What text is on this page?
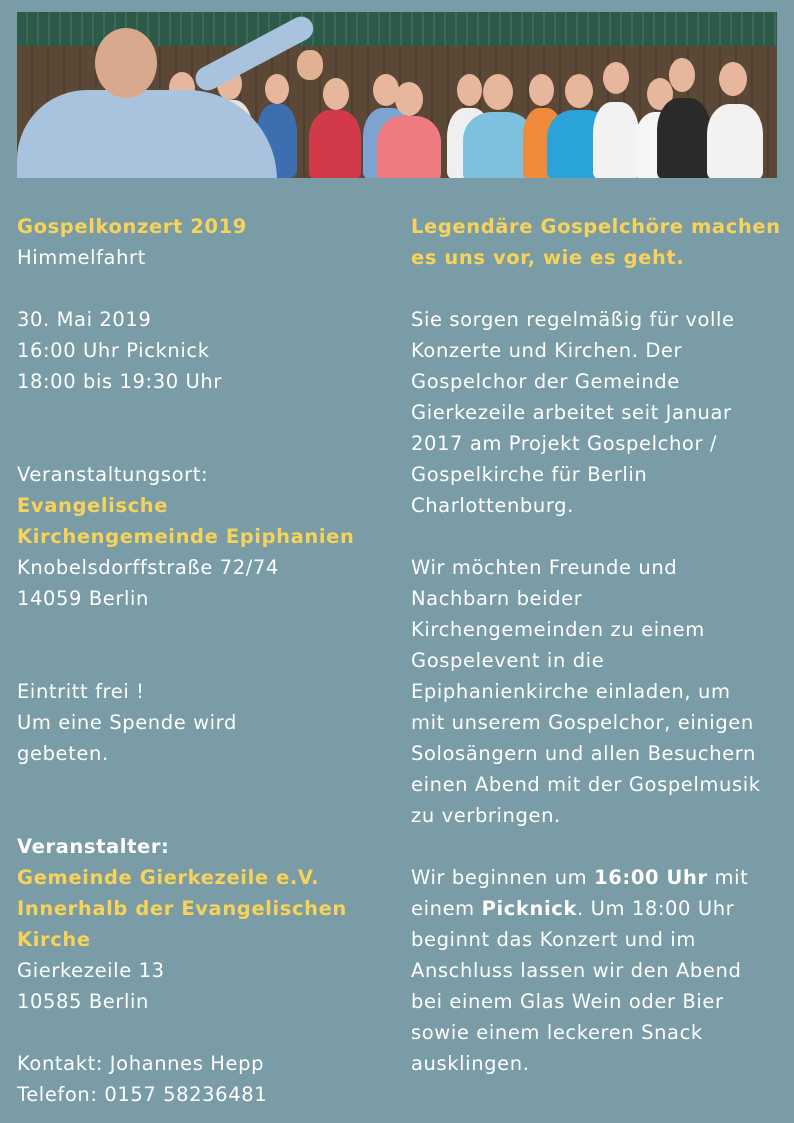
Gospelkonzert 2019
Himmelfahrt
30. Mai 2019
16:00 Uhr Picknick
18:00 bis 19:30 Uhr
Veranstaltungsort:
Evangelische
Kirchengemeinde Epiphanien
Knobelsdorffstraße 72/74
14059 Berlin
Eintritt frei !
Um eine Spende wird
gebeten.
Veranstalter:
Gemeinde Gierkezeile e.V.
Innerhalb der Evangelischen
Kirche
Gierkezeile 13
10585 Berlin
Kontakt: Johannes Hepp
Telefon: 0157 58236481
Legendäre Gospelchöre machen
es uns vor, wie es geht.
Sie sorgen regelmäßig für volle
Konzerte und Kirchen. Der
Gospelchor der Gemeinde
Gierkezeile arbeitet seit Januar
2017 am Projekt Gospelchor /
Gospelkirche für Berlin
Charlottenburg.
Wir möchten Freunde und
Nachbarn beider
Kirchengemeinden zu einem
Gospelevent in die
Epiphanienkirche einladen, um
mit unserem Gospelchor, einigen
Solosängern und allen Besuchern
einen Abend mit der Gospelmusik
zu verbringen.
Wir beginnen um 16:00 Uhr mit
einem Picknick. Um 18:00 Uhr
beginnt das Konzert und im
Anschluss lassen wir den Abend
bei einem Glas Wein oder Bier
sowie einem leckeren Snack
ausklingen.
